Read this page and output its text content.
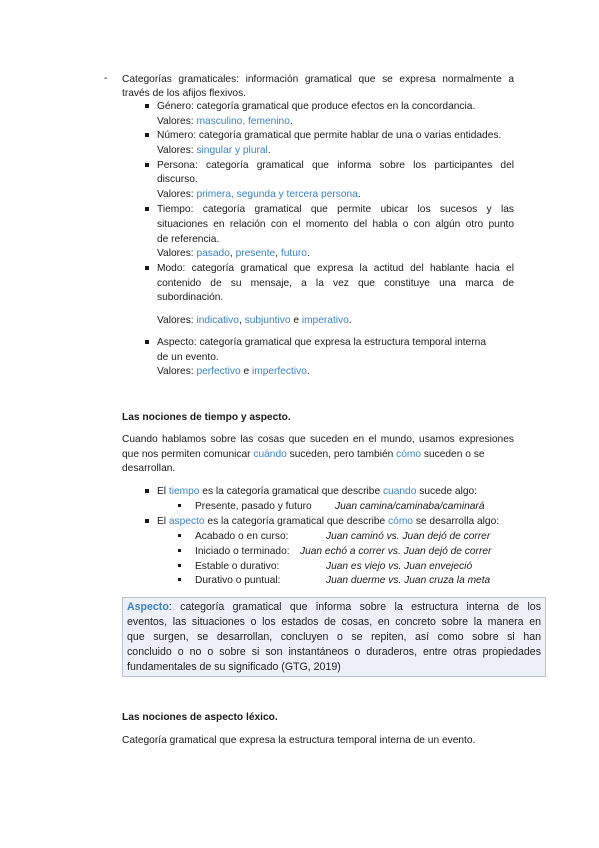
- Categorías gramaticales: información gramatical que se expresa normalmente a
través de los afijos flexivos.
Género: categoría gramatical que produce efectos en la concordancia.
Valores: masculino, femenino.
Número: categoría gramatical que permite hablar de una o varias entidades.
Valores: singular y plural.
Persona: categoría gramatical que informa sobre los participantes del
discurso.
Valores: primera, segunda y tercera persona.
Tiempo: categoría gramatical que permite ubicar los sucesos y las
situaciones en relación con el momento del habla o con algún otro punto
de referencia.
Valores: pasado, presente, futuro.
Modo: categoría gramatical que expresa la actitud del hablante hacia el
contenido de su mensaje, a la vez que constituye una marca de
subordinación.
Valores: indicativo, subjuntivo e imperativo.
Aspecto: categoría gramatical que expresa la estructura temporal interna
de un evento.
Valores: perfectivo e imperfectivo.
Las nociones de tiempo y aspecto.
Cuando hablamos sobre las cosas que suceden en el mundo, usamos expresiones
que nos permiten comunicar cuándo suceden, pero también cómo suceden o se
desarrollan.
El tiempo es la categoría gramatical que describe cuando sucede algo:
Presente, pasado y futuro Juan camina/caminaba/caminará
El aspecto es la categoría gramatical que describe cómo se desarrolla algo:
Acabado o en curso:	Juan caminó vs. Juan dejó de correr
Iniciado o terminado: Juan echó a correr vs. Juan dejó de correr
Estable o durativo:	Juan es viejo vs. Juan envejeció
Durativo o puntual:	Juan duerme vs. Juan cruza la meta
Aspecto: categoría gramatical que informa sobre la estructura interna de los
eventos, las situaciones o los estados de cosas, en concreto sobre la manera en
que surgen, se desarrollan, concluyen o se repiten, así como sobre si han
concluido o no o sobre si son instantáneos o duraderos, entre otras propiedades
fundamentales de su significado (GTG, 2019)
Las nociones de aspecto léxico.
Categoría gramatical que expresa la estructura temporal interna de un evento.
